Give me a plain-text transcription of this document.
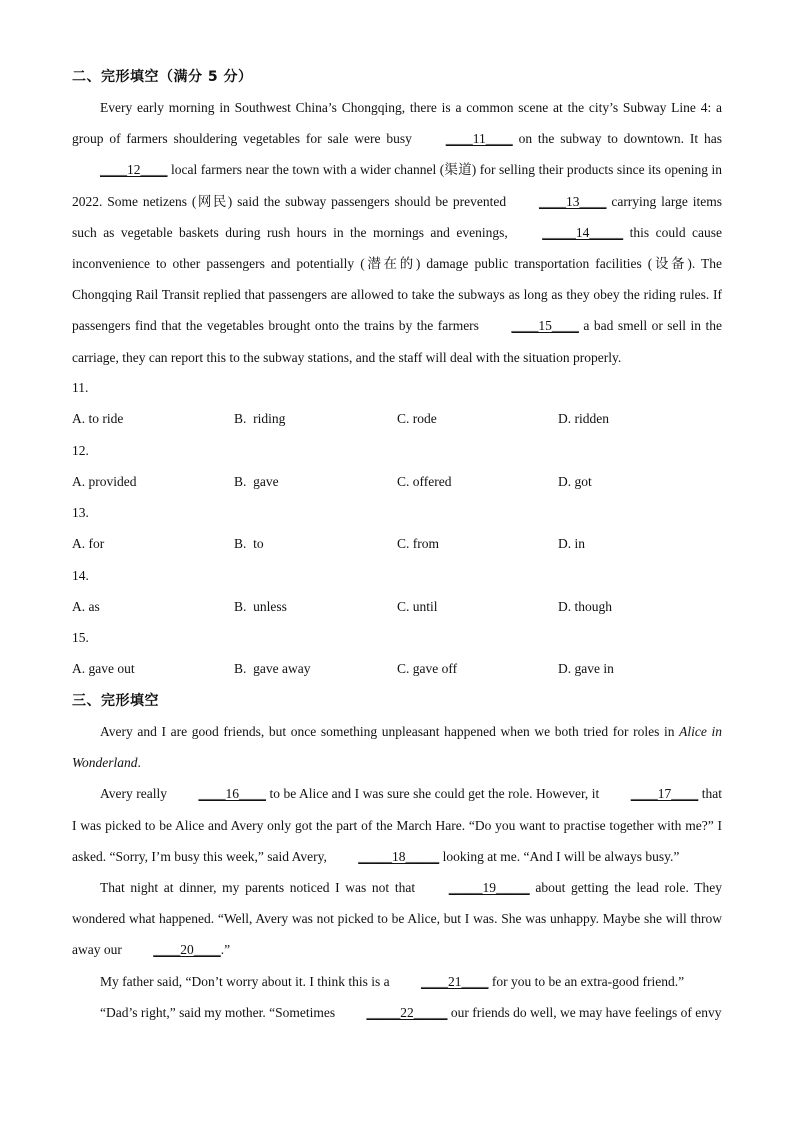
二、完形填空（满分 5 分）

Every early morning in Southwest China’s Chongqing, there is a common scene at the city’s Subway Line 4: a group of farmers shouldering vegetables for sale were busy ____11____ on the subway to downtown. It has ____12____ local farmers near the town with a wider channel (渠道) for selling their products since its opening in 2022. Some netizens (网民) said the subway passengers should be prevented ____13____ carrying large items such as vegetable baskets during rush hours in the mornings and evenings, _____14_____ this could cause inconvenience to other passengers and potentially (潜在的) damage public transportation facilities (设备). The Chongqing Rail Transit replied that passengers are allowed to take the subways as long as they obey the riding rules. If passengers find that the vegetables brought onto the trains by the farmers ____15____ a bad smell or sell in the carriage, they can report this to the subway stations, and the staff will deal with the situation properly.

11.
A. to ride	B.  riding	C. rode	D. ridden
12.
A. provided	B.  gave	C. offered	D. got
13.
A. for	B.  to	C. from	D. in
14.
A. as	B.  unless	C. until	D. though
15.
A. gave out	B.  gave away	C. gave off	D. gave in
三、完形填空

Avery and I are good friends, but once something unpleasant happened when we both tried for roles in Alice in Wonderland.

Avery really ____16____ to be Alice and I was sure she could get the role. However, it ____17____ that I was picked to be Alice and Avery only got the part of the March Hare. “Do you want to practise together with me?” I asked. “Sorry, I’m busy this week,” said Avery, _____18_____ looking at me. “And I will be always busy.”

That night at dinner, my parents noticed I was not that _____19_____ about getting the lead role. They wondered what happened. “Well, Avery was not picked to be Alice, but I was. She was unhappy. Maybe she will throw away our ____20____.”

My father said, “Don’t worry about it. I think this is a ____21____ for you to be an extra-good friend.”

“Dad’s right,” said my mother. “Sometimes _____22_____ our friends do well, we may have feelings of envy
